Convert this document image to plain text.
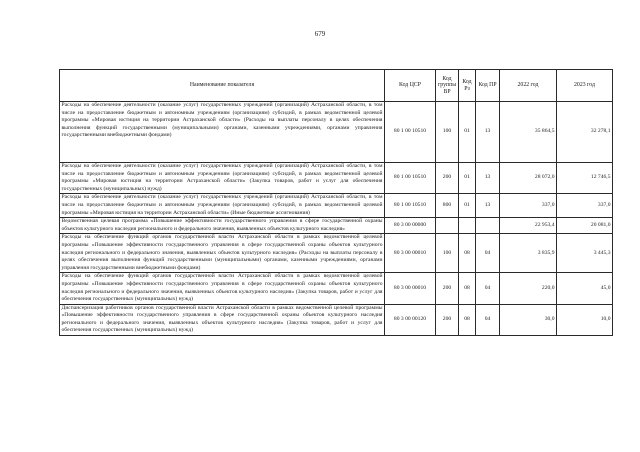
679
Наименование показателя	Код ЦСР	Код группы ВР	Код Рз	Код ПР	2022 год	2023 год
Расходы на обеспечение деятельности (оказание услуг) государственных учреждений (организаций) Астраханской области, в том числе на предоставление бюджетным и автономным учреждениям (организациям) субсидий, в рамках ведомственной целевой программы «Мировая юстиция на территории Астраханской области» (Расходы на выплаты персоналу в целях обеспечения выполнения функций государственными (муниципальными) органами, казенными учреждениями, органами управления государственными внебюджетными фондами)	80 1 00 10510	100	01	13	35 864,5	32 278,1
Расходы на обеспечение деятельности (оказание услуг) государственных учреждений (организаций) Астраханской области, в том числе на предоставление бюджетным и автономным учреждениям (организациям) субсидий, в рамках ведомственной целевой программы «Мировая юстиция на территории Астраханской области» (Закупка товаров, работ и услуг для обеспечения государственных (муниципальных) нужд)	80 1 00 10510	200	01	13	28 072,0	12 746,5
Расходы на обеспечение деятельности (оказание услуг) государственных учреждений (организаций) Астраханской области, в том числе на предоставление бюджетным и автономным учреждениям (организациям) субсидий, в рамках ведомственной целевой программы «Мировая юстиция на территории Астраханской области» (Иные бюджетные ассигнования)	80 1 00 10510	800	01	13	337,0	337,0
Ведомственная целевая программа «Повышение эффективности государственного управления в сфере государственной охраны объектов культурного наследия регионального и федерального значения, выявленных объектов культурного наследия»	80 3 00 00000				22 953,4	20 081,0
Расходы на обеспечение функций органов государственной власти Астраханской области в рамках ведомственной целевой программы «Повышение эффективности государственного управления в сфере государственной охраны объектов культурного наследия регионального и федерального значения, выявленных объектов культурного наследия» (Расходы на выплаты персоналу в целях обеспечения выполнения функций государственными (муниципальными) органами, казенными учреждениями, органами управления государственными внебюджетными фондами)	80 3 00 00010	100	08	04	3 835,9	3 445,3
Расходы на обеспечение функций органов государственной власти Астраханской области в рамках ведомственной целевой программы «Повышение эффективности государственного управления в сфере государственной охраны объектов культурного наследия регионального и федерального значения, выявленных объектов культурного наследия» (Закупка товаров, работ и услуг для обеспечения государственных (муниципальных) нужд)	80 3 00 00010	200	08	04	220,0	45,0
Диспансеризация работников органов государственной власти Астраханской области в рамках ведомственной целевой программы «Повышение эффективности государственного управления в сфере государственной охраны объектов культурного наследия регионального и федерального значения, выявленных объектов культурного наследия» (Закупка товаров, работ и услуг для обеспечения государственных (муниципальных) нужд)	80 3 00 00120	200	08	04	30,0	10,0
